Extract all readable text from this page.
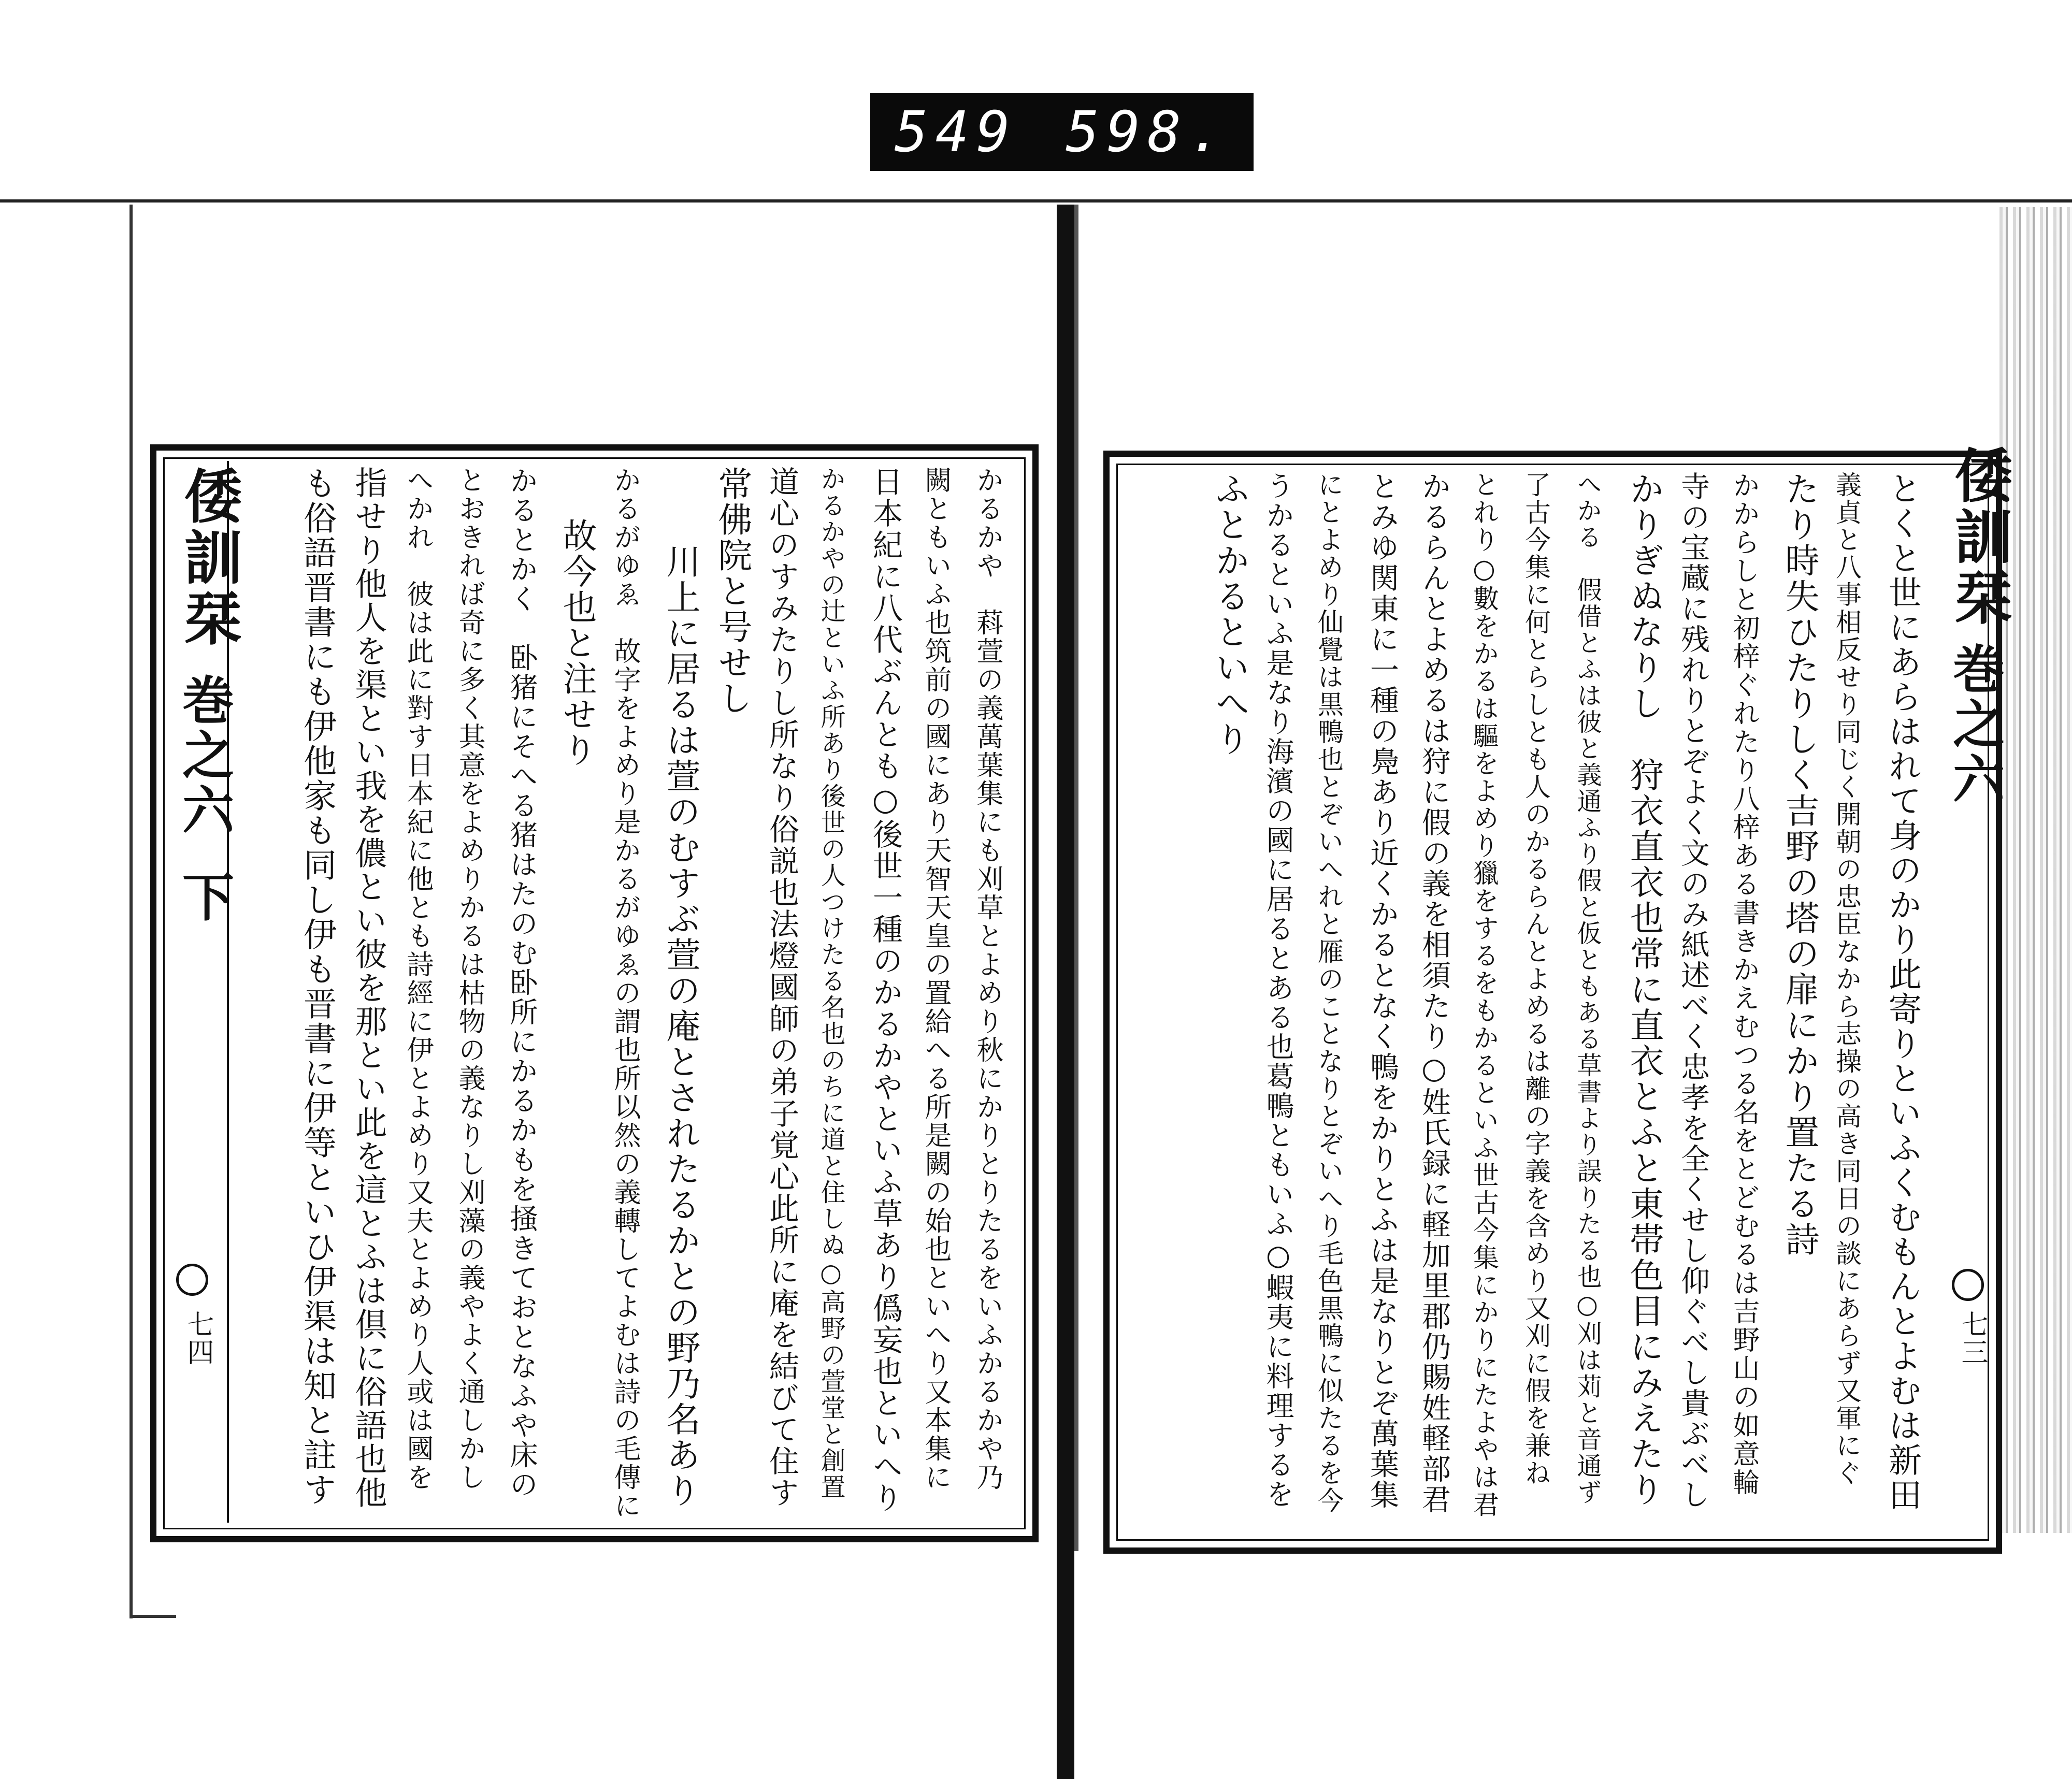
549 598.
倭訓栞
巻之六
下
七四	かるかや　萪萱の義萬葉集にも刈草とよめり秋にかりとりたるをいふかるかや乃
闕ともいふ也筑前の國にあり天智天皇の置給へる所是闕の始也といへり又本集に
日本紀に八代ぶんとも○後世一種のかるかやといふ草あり僞妄也といへり
かるかやの辻といふ所あり後世の人つけたる名也のちに道と住しぬ○高野の萱堂と創置
道心のすみたりし所なり俗説也法燈國師の弟子覚心此所に庵を結びて住す
常佛院と号せし
川上に居るは萱のむすぶ萱の庵とされたるかとの野乃名あり
かるがゆゑ　故字をよめり是かるがゆゑの謂也所以然の義轉してよむは詩の毛傳に
故今也と注せり
かるとかく　卧猪にそへる猪はたのむ卧所にかるかもを掻きておとなふや床の
とおきれば奇に多く其意をよめりかるは枯物の義なりし刈藻の義やよく通しかし
へかれ　彼は此に對す日本紀に他とも詩經に伊とよめり又夫とよめり人或は國を
指せり他人を渠とい我を儂とい彼を那とい此を這とふは倶に俗語也他
も俗語晋書にも伊他家も同し伊も晋書に伊等といひ伊渠は知と註す	倭訓栞
巻之六
七三
とくと世にあらはれて身のかり此寄りといふくむもんとよむは新田
義貞と八事相反せり同じく開朝の忠臣なから志操の高き同日の談にあらず又軍にぐ
たり時失ひたりしく吉野の塔の扉にかり置たる詩
かからしと初梓ぐれたり八梓ある書きかえむつる名をとどむるは吉野山の如意輪
寺の宝蔵に残れりとぞよく文のみ紙述べく忠孝を全くせし仰ぐべし貴ぶべし
かりぎぬなりし　狩衣直衣也常に直衣とふと東帯色目にみえたり
へかる　假借とふは彼と義通ふり假と仮ともある草書より誤りたる也○刈は苅と音通ず
了古今集に何とらしとも人のかるらんとよめるは離の字義を含めり又刈に假を兼ね
とれり○數をかるは驅をよめり獵をするをもかるといふ世古今集にかりにたよやは君
かるらんとよめるは狩に假の義を相須たり○姓氏録に軽加里郡仍賜姓軽部君
とみゆ関東に一種の鳧あり近くかるとなく鴨をかりとふは是なりとぞ萬葉集
にとよめり仙覺は黒鴨也とぞいへれと雁のことなりとぞいへり毛色黒鴨に似たるを今
うかるといふ是なり海濱の國に居るとある也葛鴨ともいふ○蝦夷に料理するを
ふとかるといへり
